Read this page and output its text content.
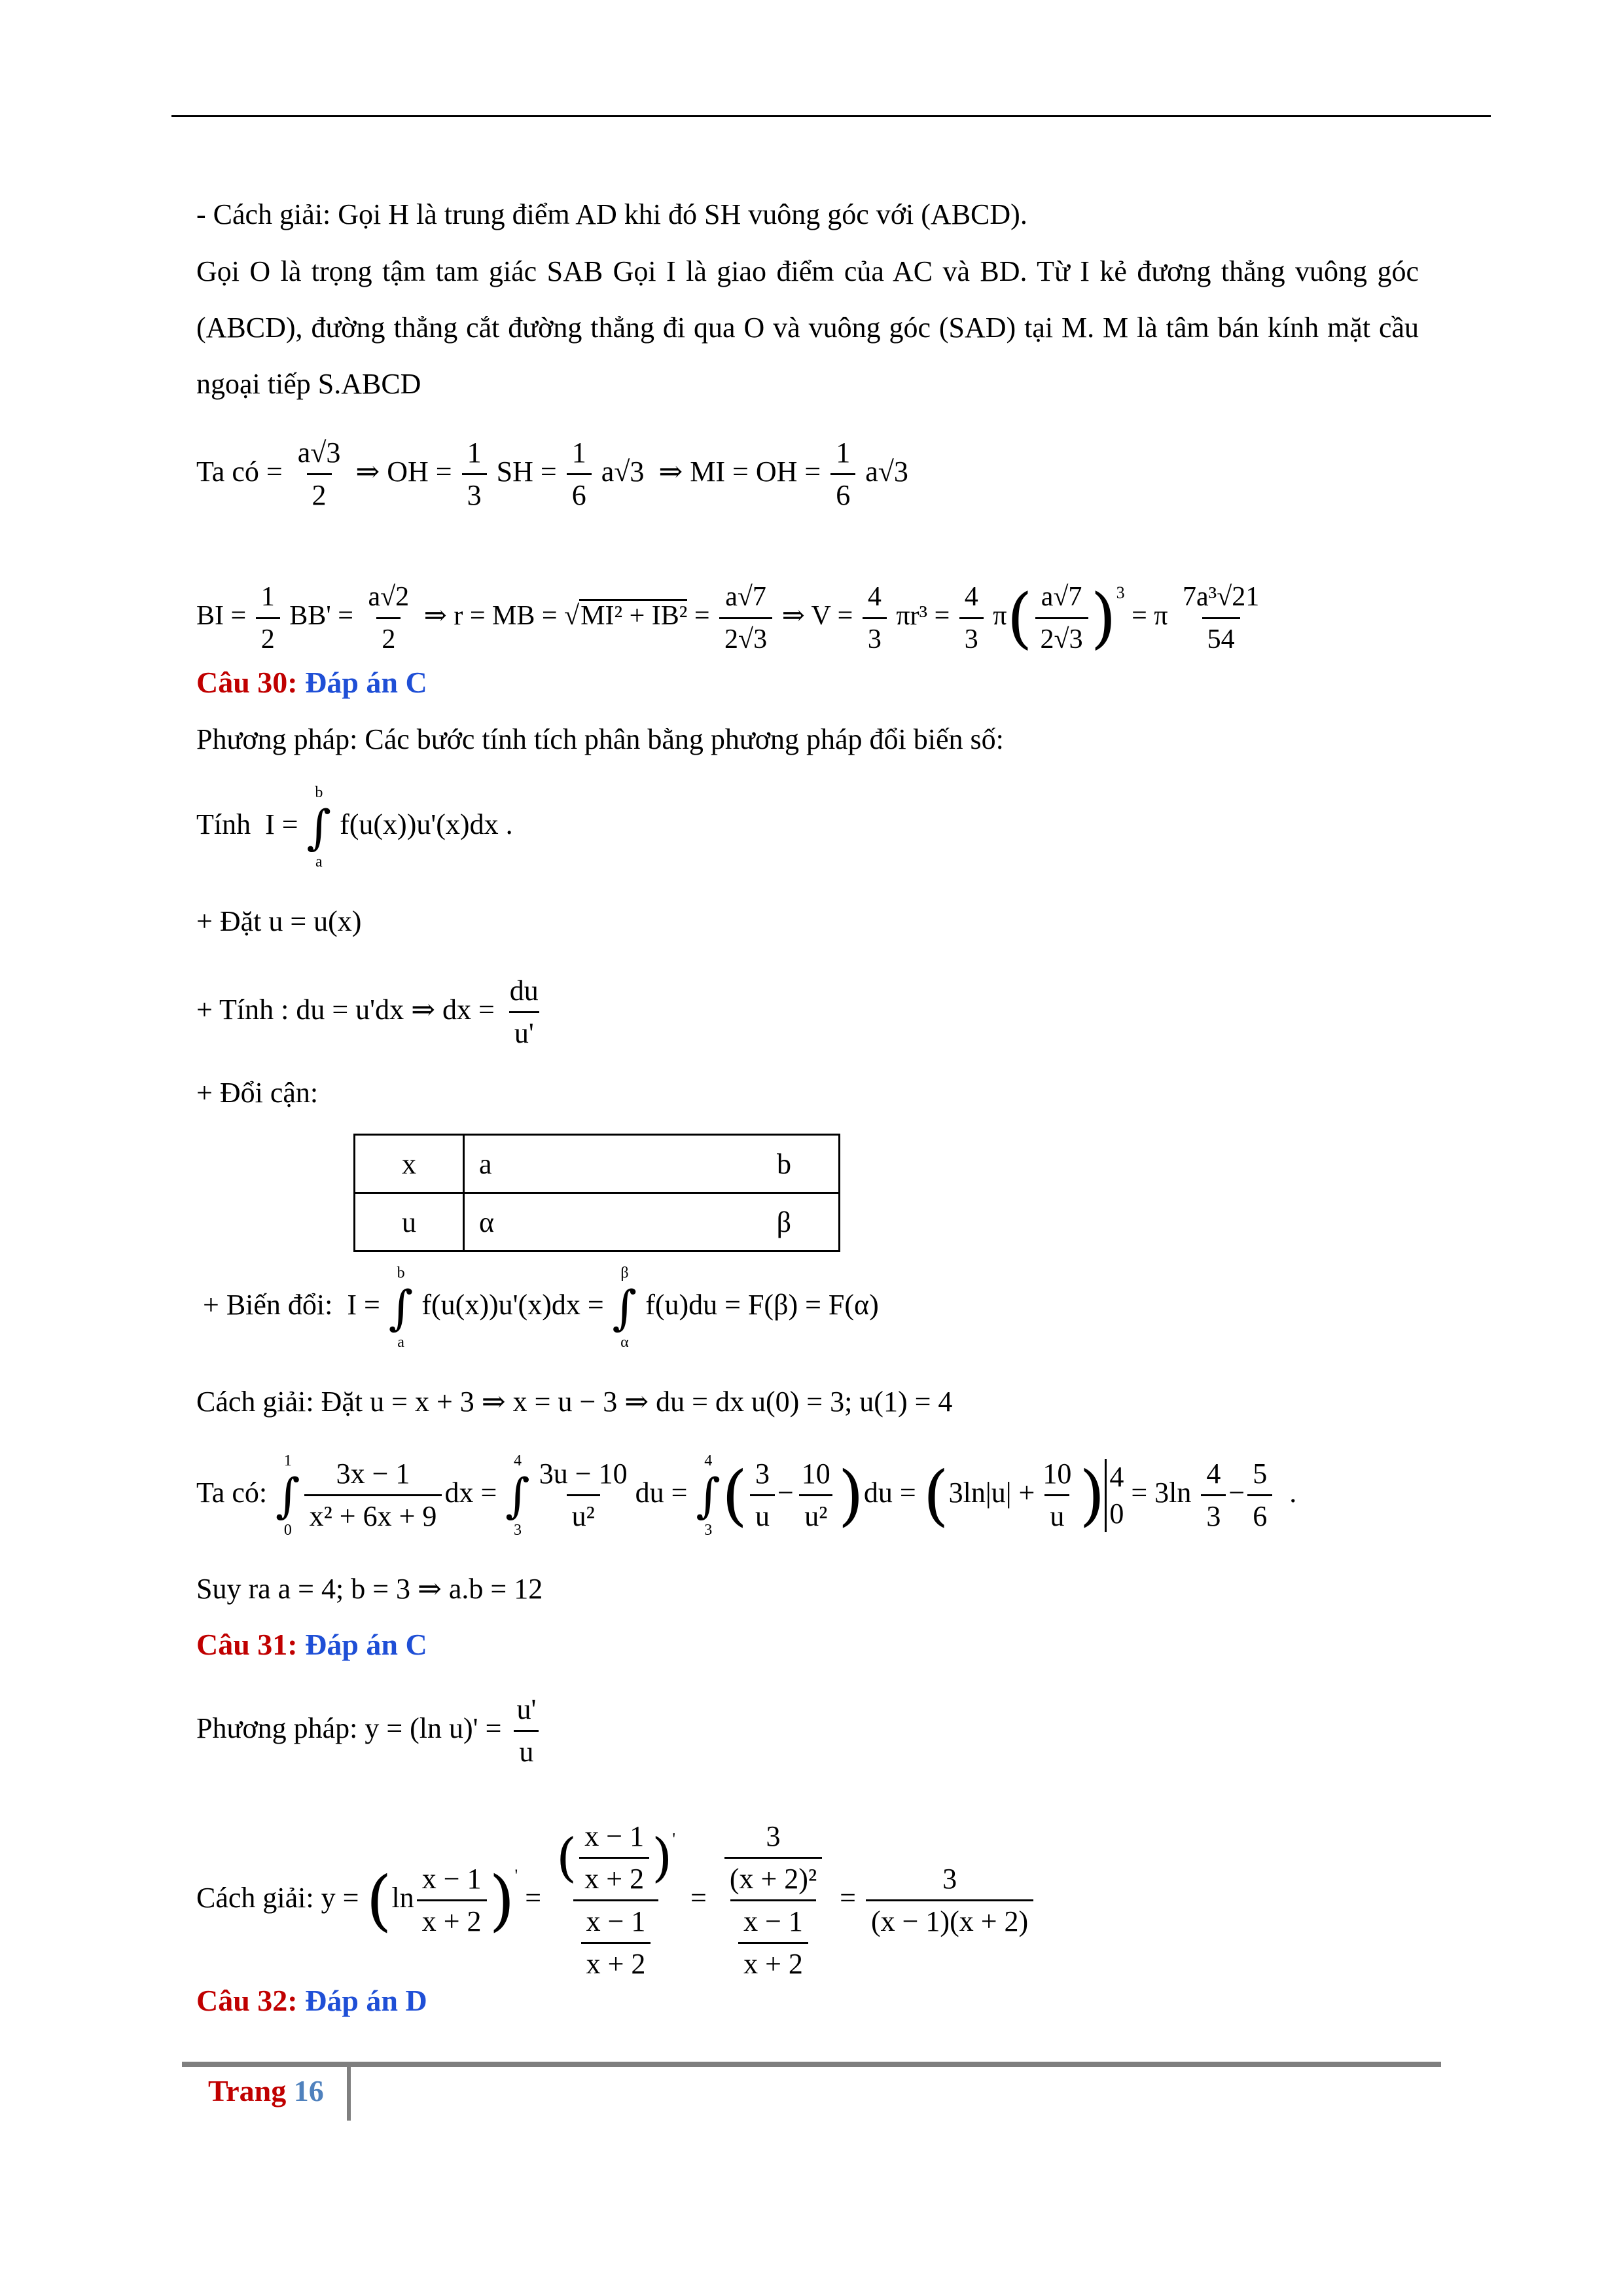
- Cách giải: Gọi H là trung điểm AD khi đó SH vuông góc với (ABCD).
Gọi O là trọng tậm tam giác SAB Gọi I là giao điểm của AC và BD. Từ I kẻ đương thẳng vuông góc (ABCD), đường thẳng cắt đường thẳng đi qua O và vuông góc (SAD) tại M. M là tâm bán kính mặt cầu ngoại tiếp S.ABCD
Ta có = $\frac{a√3}{2}$ ⇒ OH = $\frac{1}{3}$ SH = $\frac{1}{6} a√3$ ⇒ MI = OH = $\frac{1}{6} a√3$
BI = $\frac{1}{2} BB' = \frac{a√2}{2}$ ⇒ r = MB = $√MI^2 + IB^2 = \frac{a√7}{2√3}$ ⇒ $V = \frac{4}{3} \pi r^3 = \frac{4}{3} \pi( \frac{a√7}{2√3} )^3 = \pi \frac{\text{7a³√21}}{54}$
Câu 30: Đáp án C
Phương pháp: Các bước tính tích phân bằng phương pháp đổi biến số:
Tính I =
b
∫
a
f(u(x))u'(x)dx .
+ Đặt u = u(x)
+ Tính : du = u'dx ⇒ dx = $\frac{du}{u'}$
+ Đổi cận:
x	a b

u	α β
+ Biến đổi: I =
b
∫
a
f(u(x))u'(x)dx =
β
∫
α
f(u)du = F(β) = F(α)
Cách giải: Đặt u = x + 3 ⇒ x = u − 3 ⇒ du = dx u(0) = 3; u(1) = 4
Ta có:
1
∫
$0 \frac{3x - 1}{\text{x² + 6x + 9}}$ dx =
4
∫
$3 \frac{3u - 10}{\text{u²}}$ du =
4
∫
3 ( $\frac{3}{u} - \frac{10}{\text{u²}} )du = (3\ln|u| + \frac{10}{u}$ ) 4
0
= $3\ln \frac{4}{3} - \frac{5}{6}$ .
Suy ra a = 4; b = 3 ⇒ a.b = 12
Câu 31: Đáp án C
Phương pháp: y = (ln $u)' = \frac{u'}{u}$
Cách giải: $y = (\ln \frac{x - 1}{x + 2} )' = \frac{( \frac{x - 1}{x + 2} )'}{\frac{x - 1}{x + 2}} = \frac{\frac{3}{\text{(x + 2)²}}}{\frac{x - 1}{x + 2}} = \frac{3}{(x - 1)(x + 2)}$
Câu 32: Đáp án D
Trang 16
